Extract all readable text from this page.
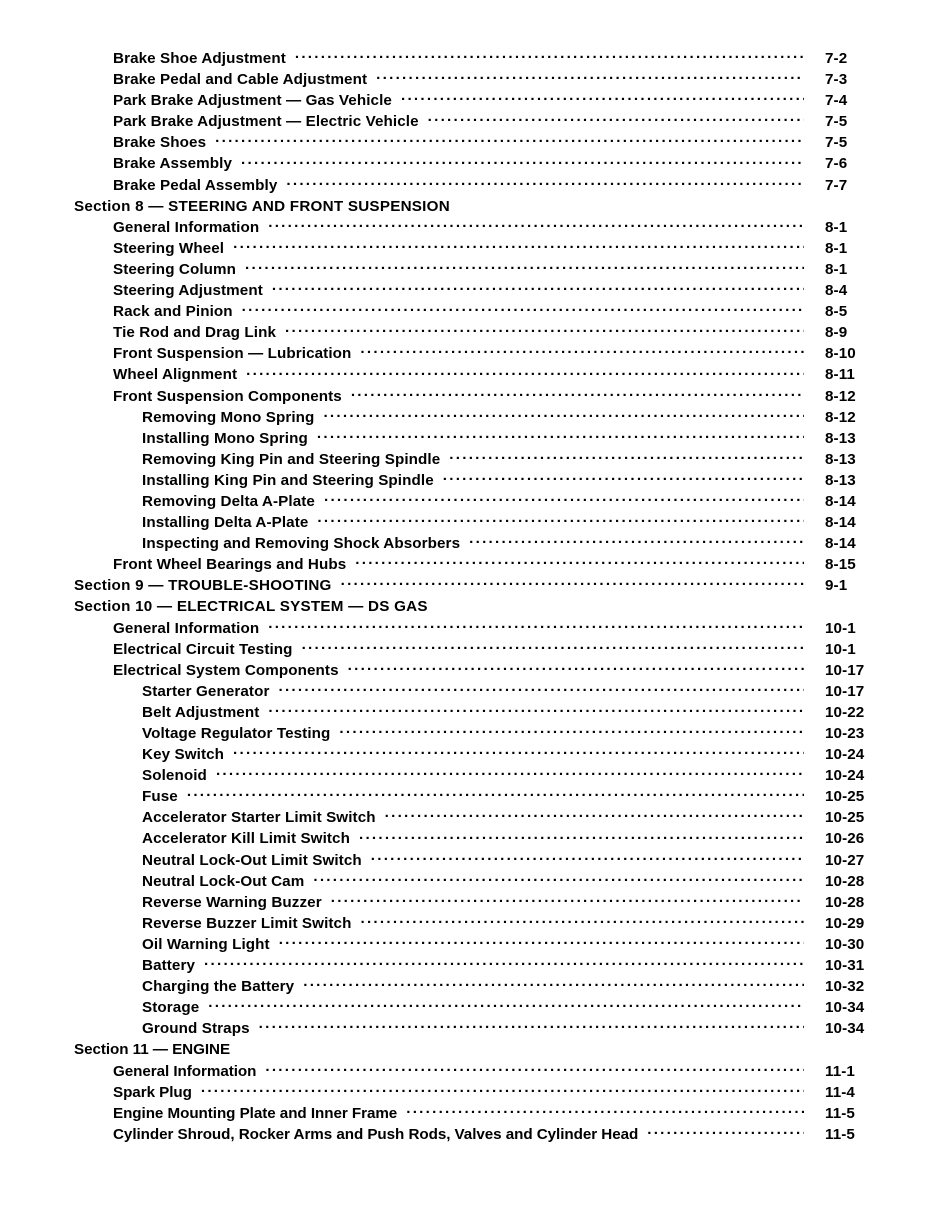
Brake Shoe Adjustment .....	7-2
Brake Pedal and Cable Adjustment .....	7-3
Park Brake Adjustment — Gas Vehicle .....	7-4
Park Brake Adjustment — Electric Vehicle .....	7-5
Brake Shoes .....	7-5
Brake Assembly .....	7-6
Brake Pedal Assembly .....	7-7
Section 8 — STEERING AND FRONT SUSPENSION
General Information .....	8-1
Steering Wheel .....	8-1
Steering Column .....	8-1
Steering Adjustment .....	8-4
Rack and Pinion .....	8-5
Tie Rod and Drag Link .....	8-9
Front Suspension — Lubrication .....	8-10
Wheel Alignment .....	8-11
Front Suspension Components .....	8-12
Removing Mono Spring .....	8-12
Installing Mono Spring .....	8-13
Removing King Pin and Steering Spindle .....	8-13
Installing King Pin and Steering Spindle .....	8-13
Removing Delta A-Plate .....	8-14
Installing Delta A-Plate .....	8-14
Inspecting and Removing Shock Absorbers .....	8-14
Front Wheel Bearings and Hubs .....	8-15
Section 9 — TROUBLE-SHOOTING .....	9-1
Section 10 — ELECTRICAL SYSTEM — DS GAS
General Information .....	10-1
Electrical Circuit Testing .....	10-1
Electrical System Components .....	10-17
Starter Generator .....	10-17
Belt Adjustment .....	10-22
Voltage Regulator Testing .....	10-23
Key Switch .....	10-24
Solenoid .....	10-24
Fuse .....	10-25
Accelerator Starter Limit Switch .....	10-25
Accelerator Kill Limit Switch .....	10-26
Neutral Lock-Out Limit Switch .....	10-27
Neutral Lock-Out Cam .....	10-28
Reverse Warning Buzzer .....	10-28
Reverse Buzzer Limit Switch .....	10-29
Oil Warning Light .....	10-30
Battery .....	10-31
Charging the Battery .....	10-32
Storage .....	10-34
Ground Straps .....	10-34
Section 11 — ENGINE
General Information .....	11-1
Spark Plug .....	11-4
Engine Mounting Plate and Inner Frame .....	11-5
Cylinder Shroud, Rocker Arms and Push Rods, Valves and Cylinder Head .....	11-5
